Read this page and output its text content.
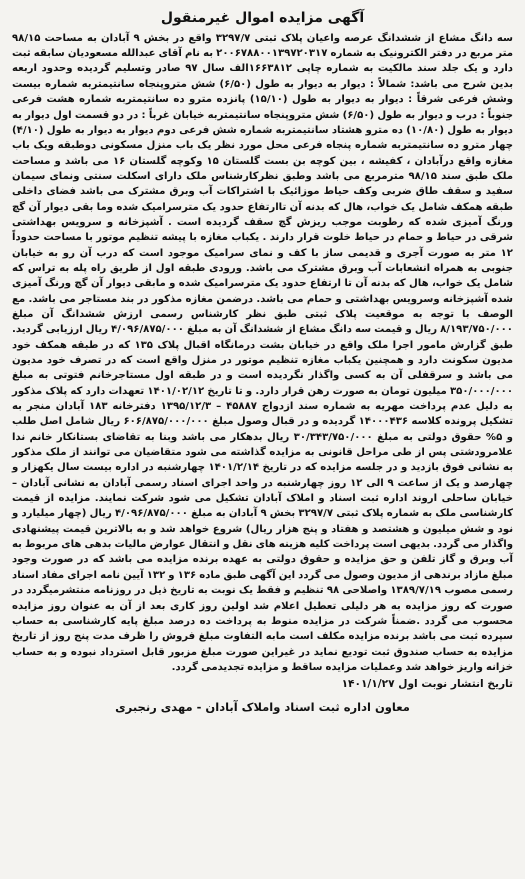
آگهی مزایده اموال غیرمنقول

سه دانگ مشاع از ششدانگ عرصه واعیان پلاک ثبتی ۳۲۹۷/۷ واقع در بخش ۹ آبادان به مساحت ۹۸/۱۵ متر مربع در دفتر الکترونیک به شماره ۲۰۰۶۷۸۸۰۰۱۳۹۷۲۰۳۱۷ به نام آقای عبدالله مسعودیان سابقه ثبت دارد و یک جلد سند مالکیت به شماره چاپی ۱۶۶۳۸۱۲الف سال ۹۷ صادر وتسلیم گردیده وحدود اربعه بدین شرح می باشد: شمالاً : دیوار به دیوار به طول (۶/۵۰) شش متروپنجاه سانتیمتربه شماره بیست وشش فرعی شرقاً : دیوار به دیوار به طول (۱۵/۱۰) پانزده مترو ده سانتیمتربه شماره هشت فرعی جنوباً : درب و دیوار به طول (۶/۵۰) شش متروپنجاه سانتیمتربه خیابان غرباً : در دو قسمت اول دیوار به دیوار به طول (۱۰/۸۰) ده مترو هشتاد سانتیمتربه شماره شش فرعی دوم دیوار به دیوار به طول (۴/۱۰) چهار مترو ده سانتیمتربه شماره پنجاه فرعی محل مورد نظر یک باب منزل مسکونی دوطبقه ویک باب مغازه واقع درآبادان ، کفیشه ، بین کوچه بن بست گلستان ۱۵ وکوچه گلستان ۱۶ می باشد و مساحت ملک طبق سند ۹۸/۱۵ مترمربع می باشد وطبق نظرکارشناس ملک دارای اسکلت سنتی ونمای سیمان سفید و سقف طاق ضربی وکف حیاط موزائیک با اشتراکات آب وبرق مشترک می باشد فضای داخلی طبقه همکف شامل یک خواب، هال که بدنه آن تاارتفاع حدود یک مترسرامیک شده وما بقی دیوار آن گچ ورنگ آمیزی شده که رطوبت موجب ریزش گچ سقف گردیده است . آشپزخانه و سرویس بهداشتی شرقی در حیاط و حمام در حیاط خلوت قرار دارند . یکباب مغازه با پیشه تنظیم موتور با مساحت حدوداً ۱۲ متر به صورت آجری و قدیمی ساز با کف و نمای سرامیک موجود است که درب آن رو به خیابان جنوبی به همراه انشعابات آب وبرق مشترک می باشد. ورودی طبقه اول از طریق راه پله به تراس که شامل یک خواب، هال که بدنه آن تا ارتفاع حدود یک مترسرامیک شده و مابقی دیوار آن گچ ورنگ آمیزی شده آشپزخانه وسرویس بهداشتی و حمام می باشد. درضمن مغازه مذکور در بند مستاجر می باشد. مع الوصف با توجه به موقعیت پلاک ثبتی طبق نظر کارشناس رسمی ارزش ششدانگ آن مبلغ ۸/۱۹۳/۷۵۰/۰۰۰ ریال و قیمت سه دانگ مشاع از ششدانگ آن به مبلغ ۴/۰۹۶/۸۷۵/۰۰۰ ریال ارزیابی گردید. طبق گزارش مامور اجرا ملک واقع در خیابان بشت درمانگاه اقبال پلاک ۱۳۵ که در طبقه همکف خود مدیون سکونت دارد و همچنین یکباب مغازه تنظیم موتور در منزل واقع است که در تصرف خود مدیون می باشد و سرقفلی آن به کسی واگذار نگردیده است و در طبقه اول مستاجرخانم فتوتی به مبلغ ۳۵۰/۰۰۰/۰۰۰ میلیون تومان به صورت رهن قرار دارد. و تا تاریخ ۱۴۰۱/۰۲/۱۲ تعهدات دارد که پلاک مذکور به دلیل عدم پرداخت مهریه به شماره سند ازدواج ۴۵۸۸۷ – ۱۳۹۵/۱۲/۳ دفترخانه ۱۸۳ آبادان منجر به تشکیل پرونده کلاسه ۱۴۰۰۰۴۳۶ گردیده و در قبال وصول مبلغ ۶۰۶/۸۷۵/۰۰۰/۰۰۰ ریال شامل اصل طلب و ۵% حقوق دولتی به مبلغ ۳۰/۳۴۳/۷۵۰/۰۰۰ ریال بدهکار می باشد وبنا به تقاضای بستانکار خانم ندا علامرودشتی پس از طی مراحل قانونی به مزایده گذاشته می شود متقاضیان می توانند از ملک مذکور به نشانی فوق بازدید و در جلسه مزایده که در تاریخ ۱۴۰۱/۲/۱۴ چهارشنبه در اداره بیست سال یکهزار و چهارصد و یک از ساعت ۹ الی ۱۲ روز چهارشنبه در واحد اجرای اسناد رسمی آبادان به نشانی آبادان – خیابان ساحلی اروند اداره ثبت اسناد و املاک آبادان تشکیل می شود شرکت نمایند. مزایده از قیمت کارشناسی ملک به شماره پلاک ثبتی ۳۲۹۷/۷ بخش ۹ آبادان به مبلغ ۴/۰۹۶/۸۷۵/۰۰۰ ریال (چهار میلیارد و نود و شش میلیون و هشتصد و هفتاد و پنج هزار ریال) شروع خواهد شد و به بالاترین قیمت پیشنهادی واگذار می گردد. بدیهی است پرداخت کلیه هزینه های نقل و انتقال عوارض مالیات بدهی های مربوط به آب وبرق و گاز تلفن و حق مزایده و حقوق دولتی به عهده برنده مزایده می باشد که در صورت وجود مبلغ مازاد برندهی از مدیون وصول می گردد این آگهی طبق ماده ۱۳۶ و ۱۳۲ آیین نامه اجرای مفاد اسناد رسمی مصوب ۱۳۸۹/۷/۱۹ واصلاحی ۹۸ تنظیم و فقط یک نوبت به تاریخ ذیل در روزنامه منتشرمیگردد در صورت که روز مزایده به هر دلیلی تعطیل اعلام شد اولین روز کاری بعد از آن به عنوان روز مزایده محسوب می گردد .ضمناً شرکت در مزایده منوط به پرداخت ده درصد مبلغ پایه کارشناسی به حساب سپرده ثبت می باشد برنده مزایده مکلف است مابه التفاوت مبلغ فروش را ظرف مدت پنج روز از تاریخ مزایده به حساب صندوق ثبت تودیع نماید در غیراین صورت مبلغ مزبور قابل استرداد نبوده و به حساب خزانه واریز خواهد شد وعملیات مزایده ساقط و مزایده تجدیدمی گردد.

تاریخ انتشار نوبت اول ۱۴۰۱/۱/۲۷
معاون اداره ثبت اسناد واملاک آبادان - مهدی رنجبری
